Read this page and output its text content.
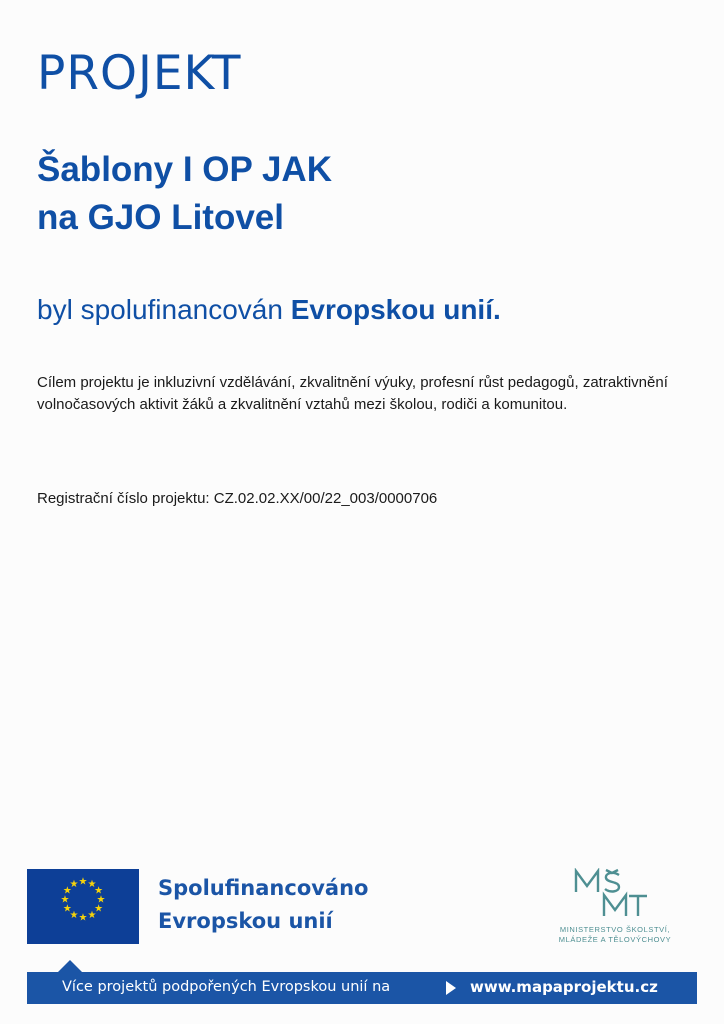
PROJEKT
Šablony I OP JAK
na GJO Litovel
byl spolufinancován Evropskou unií.

Cílem projektu je inkluzivní vzdělávání, zkvalitnění výuky, profesní růst pedagogů, zatraktivnění volnočasových aktivit žáků a zkvalitnění vztahů mezi školou, rodiči a komunitou.

Registrační číslo projektu: CZ.02.02.XX/00/22_003/0000706
★ ★
★
★
★
★
★
★
★
★
★
★	Spolufinancováno
Evropskou unií	MINISTERSTVO ŠKOLSTVÍ,
MLÁDEŽE A TĚLOVÝCHOVY
Více projektů podpořených Evropskou unií na	www.mapaprojektu.cz
